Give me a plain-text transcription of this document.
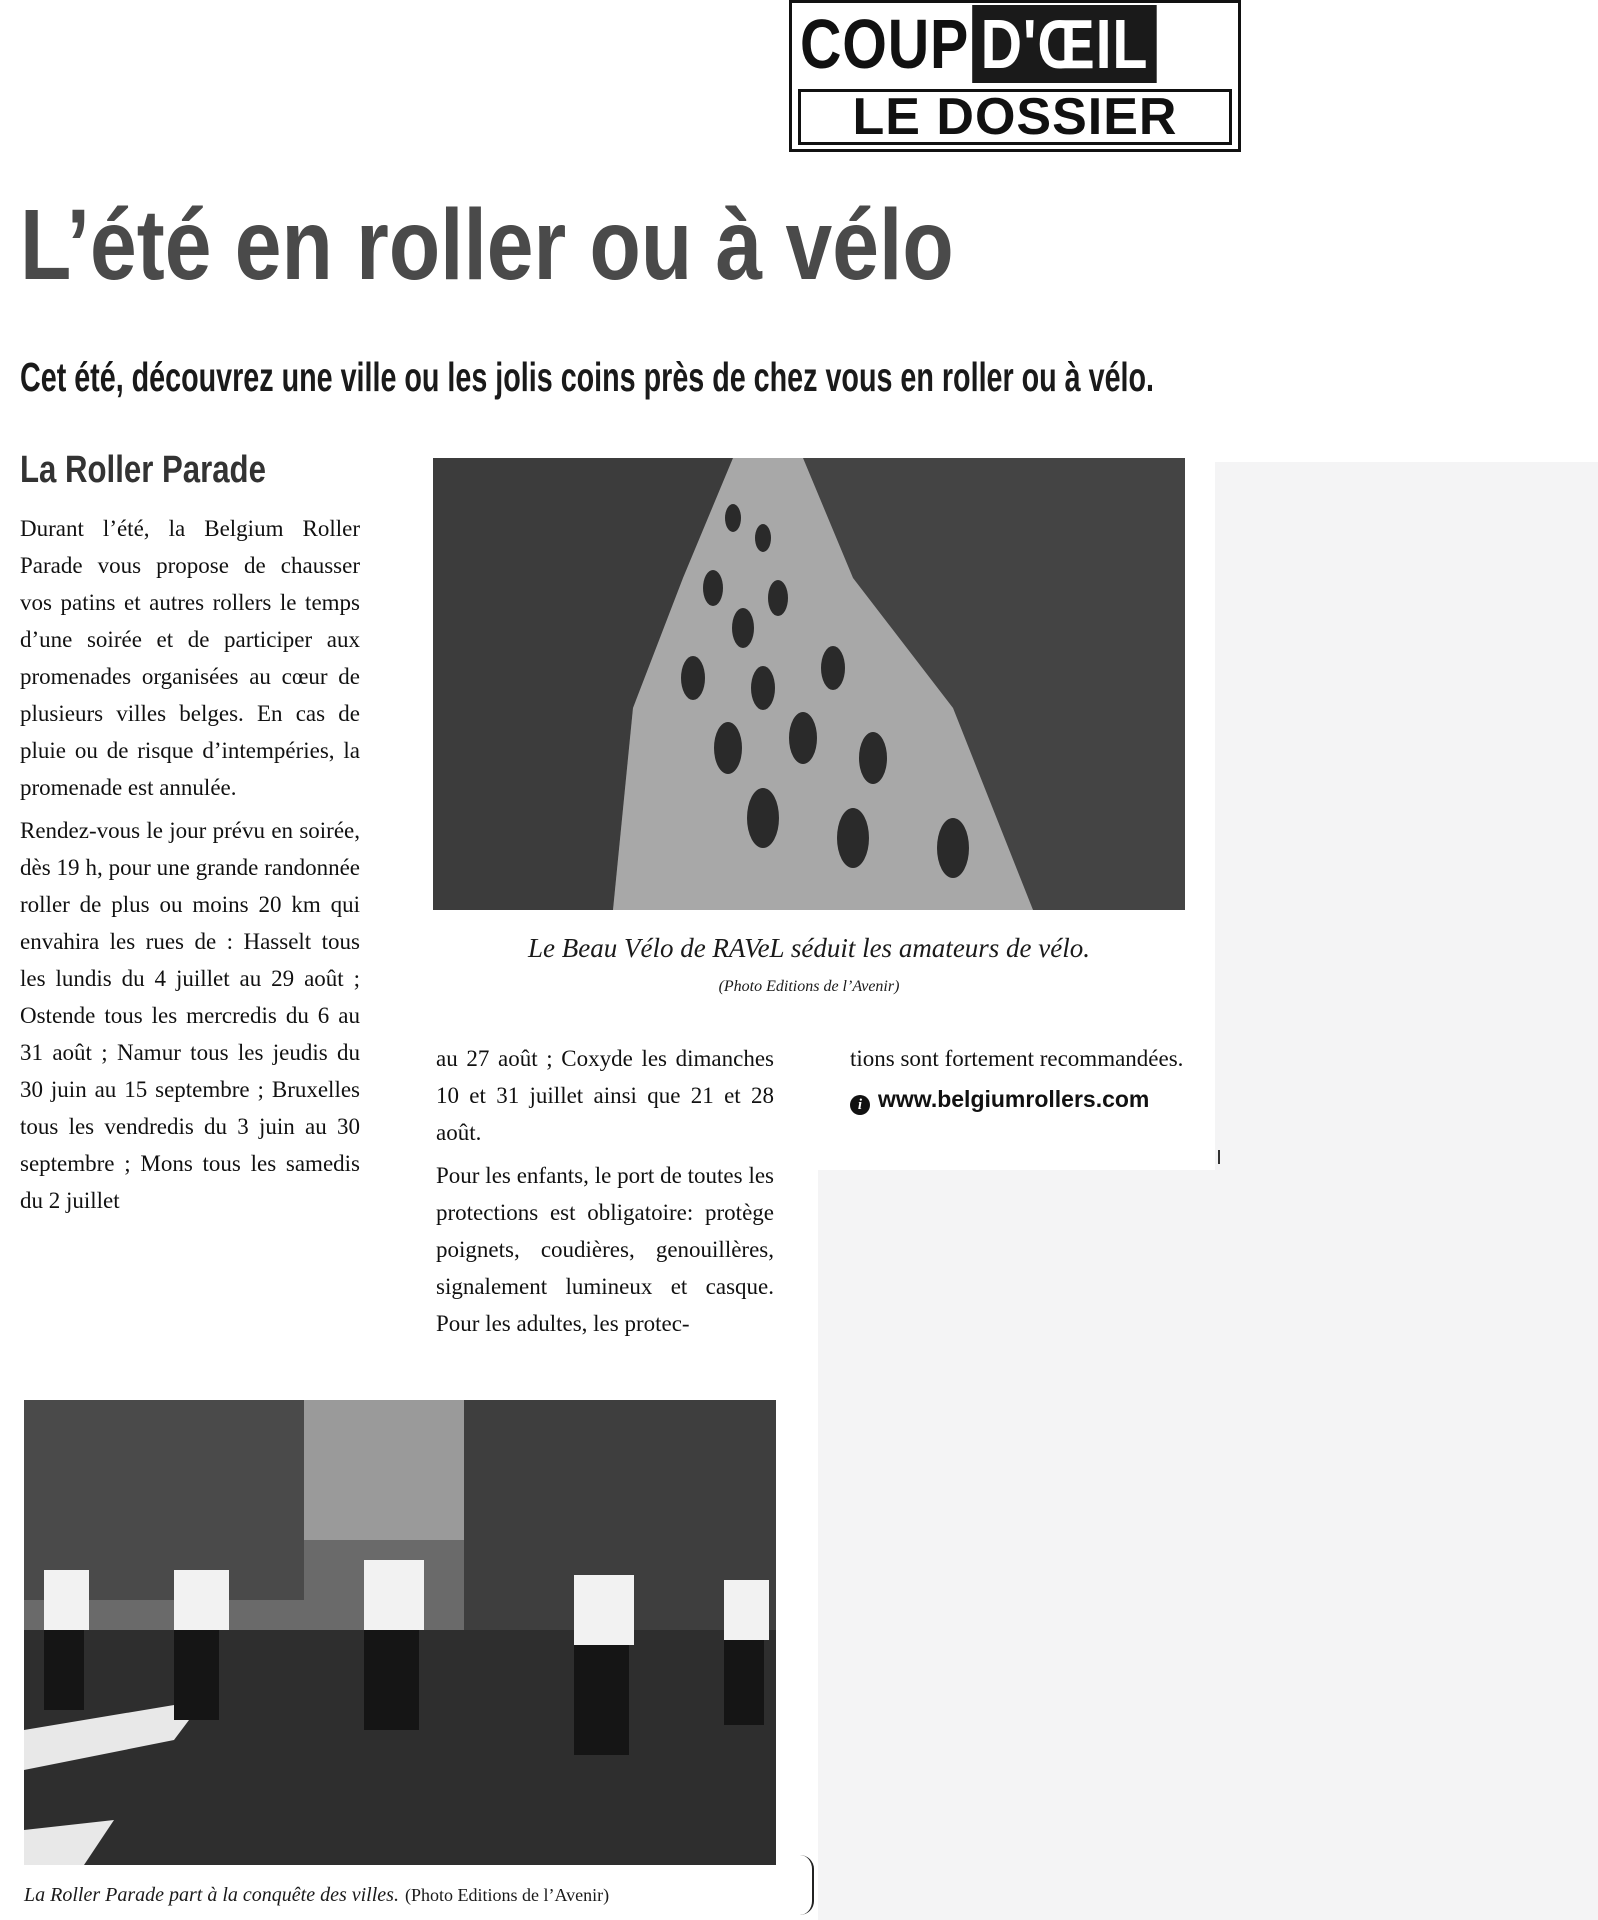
COUP D'ŒIL
LE DOSSIER
L’été en roller ou à vélo
Cet été, découvrez une ville ou les jolis coins près de chez vous en roller ou à vélo.
La Roller Parade

Durant l’été, la Belgium Roller Parade vous propose de chausser vos patins et autres rollers le temps d’une soirée et de participer aux promenades organisées au cœur de plusieurs villes belges. En cas de pluie ou de risque d’intempéries, la promenade est annulée.

Rendez-vous le jour prévu en soirée, dès 19 h, pour une grande randonnée roller de plus ou moins 20 km qui envahira les rues de : Hasselt tous les lundis du 4 juillet au 29 août ; Ostende tous les mercredis du 6 au 31 août ; Namur tous les jeudis du 30 juin au 15 septembre ; Bruxelles tous les vendredis du 3 juin au 30 septembre ; Mons tous les samedis du 2 juillet

Le Beau Vélo de RAVeL séduit les amateurs de vélo.
(Photo Editions de l’Avenir)

au 27 août ; Coxyde les dimanches 10 et 31 juillet ainsi que 21 et 28 août.

Pour les enfants, le port de toutes les protections est obligatoire: protège poignets, coudières, genouillères, signalement lumineux et casque. Pour les adultes, les protec-

tions sont fortement recommandées.

i www.belgiumrollers.com
La Roller Parade part à la conquête des villes. (Photo Editions de l’Avenir)
